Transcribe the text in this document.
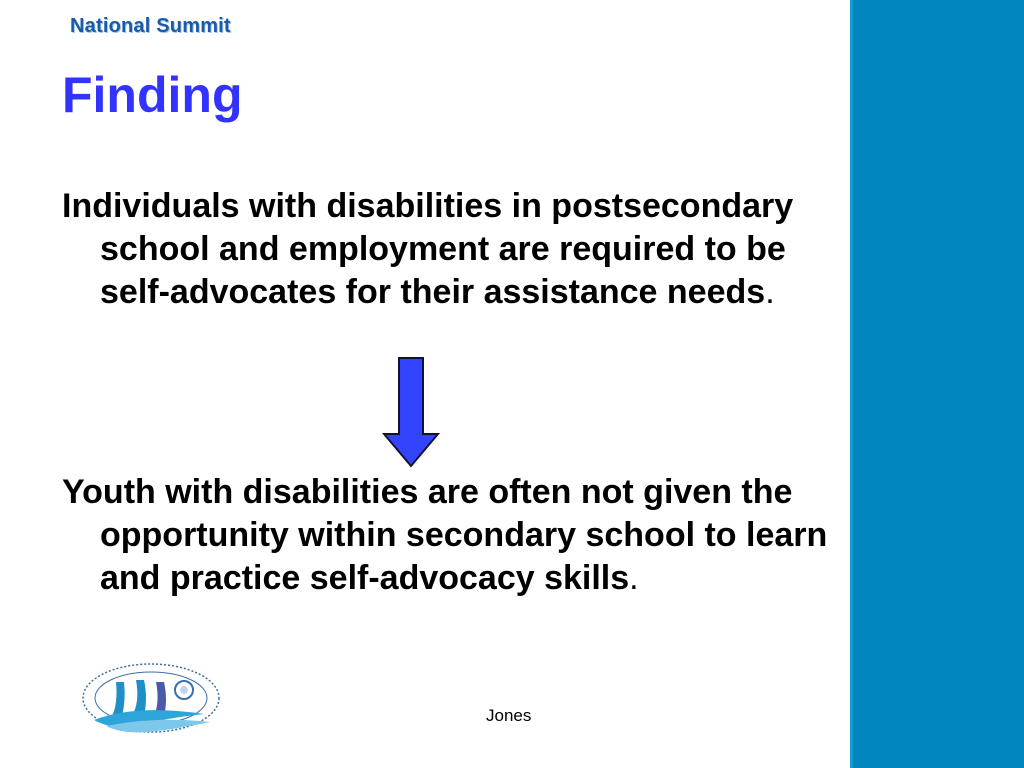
National Summit
Finding

Individuals with disabilities in postsecondary school and employment are required to be self-advocates for their assistance needs.

Youth with disabilities are often not given the opportunity within secondary school to learn and practice self-advocacy skills.

Jones
